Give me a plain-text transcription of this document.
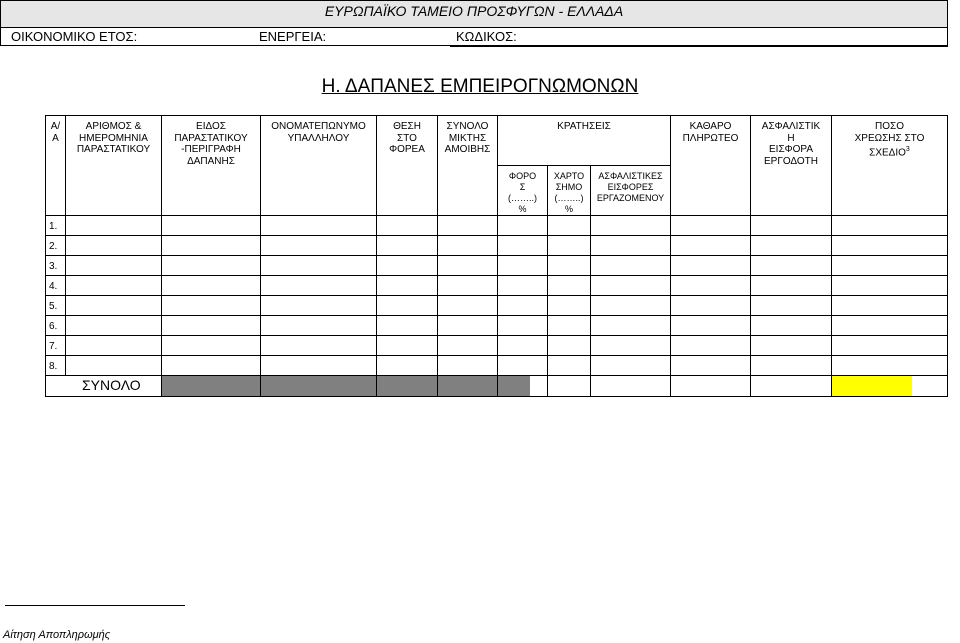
ΕΥΡΩΠΑΪΚΟ ΤΑΜΕΙΟ ΠΡΟΣΦΥΓΩΝ - ΕΛΛΑΔΑ
ΟΙΚΟΝΟΜΙΚΟ ΕΤΟΣ:	ΕΝΕΡΓΕΙΑ:	ΚΩΔΙΚΟΣ:
Η. ΔΑΠΑΝΕΣ ΕΜΠΕΙΡΟΓΝΩΜΟΝΩΝ
Α/
Α
ΑΡΙΘΜΟΣ &
ΗΜΕΡΟΜΗΝΙΑ
ΠΑΡΑΣΤΑΤΙΚΟΥ
ΕΙΔΟΣ
ΠΑΡΑΣΤΑΤΙΚΟΥ
-ΠΕΡΙΓΡΑΦΗ
ΔΑΠΑΝΗΣ
ΟΝΟΜΑΤΕΠΩΝΥΜΟ
ΥΠΑΛΛΗΛΟΥ
ΘΕΣΗ
ΣΤΟ
ΦΟΡΕΑ
ΣΥΝΟΛΟ
ΜΙΚΤΗΣ
ΑΜΟΙΒΗΣ
ΚΡΑΤΗΣΕΙΣ
ΦΟΡΟ
Σ
(……..)
%
ΧΑΡΤΟ
ΣΗΜΟ
(……..)
%
ΑΣΦΑΛΙΣΤΙΚΕΣ
ΕΙΣΦΟΡΕΣ
ΕΡΓΑΖΟΜΕΝΟΥ
ΚΑΘΑΡΟ
ΠΛΗΡΩΤΕΟ
ΑΣΦΑΛΙΣΤΙΚ
Η
ΕΙΣΦΟΡΑ
ΕΡΓΟΔΟΤΗ
ΠΟΣΟ
ΧΡΕΩΣΗΣ ΣΤΟ
ΣΧΕΔΙΟ$^3$
1.
2.
3.
4.
5.
6.
7.
8.
ΣΥΝΟΛΟ
Αίτηση Αποπληρωμής
